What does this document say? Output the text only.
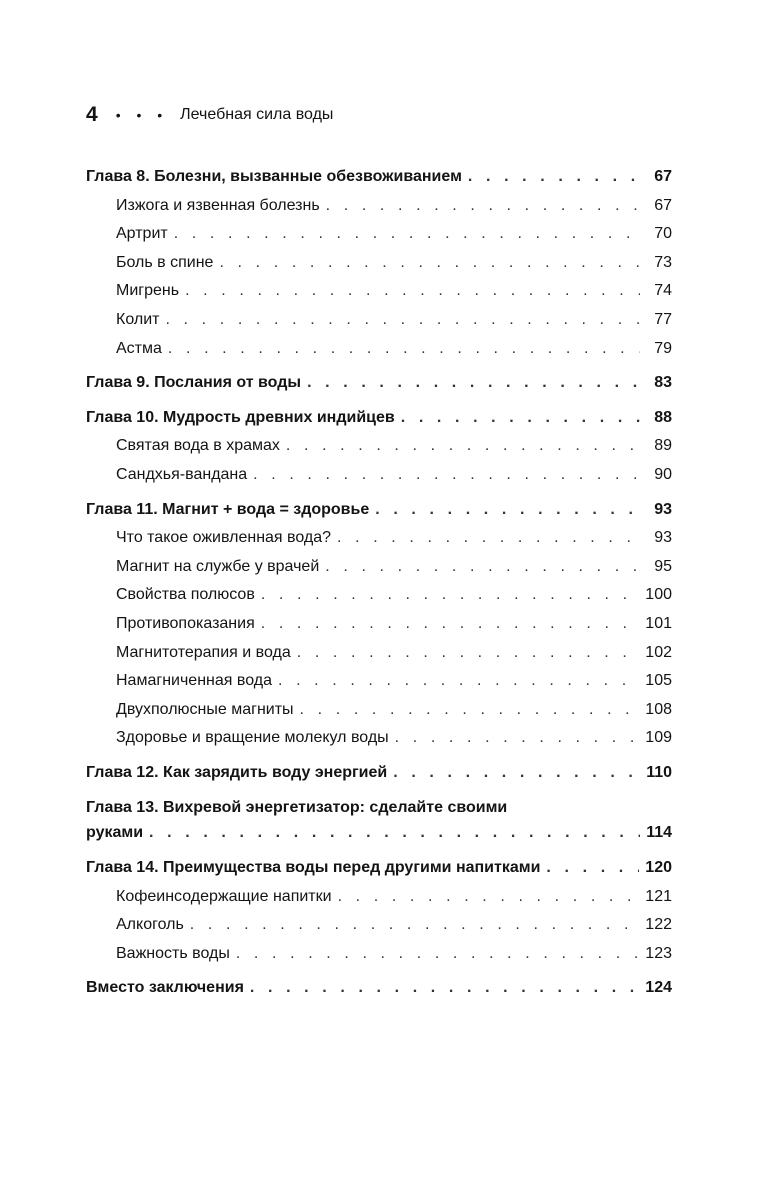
4 • • • Лечебная сила воды
Глава 8. Болезни, вызванные обезвоживанием . . .	67
Изжога и язвенная болезнь . . .	67
Артрит . . .	70
Боль в спине . . .	73
Мигрень . . .	74
Колит . . .	77
Астма . . .	79
Глава 9. Послания от воды . . .	83
Глава 10. Мудрость древних индийцев . . .	88
Святая вода в храмах . . .	89
Сандхья-вандана . . .	90
Глава 11. Магнит + вода = здоровье . . .	93
Что такое оживленная вода? . . .	93
Магнит на службе у врачей . . .	95
Свойства полюсов . . .	100
Противопоказания . . .	101
Магнитотерапия и вода . . .	102
Намагниченная вода . . .	105
Двухполюсные магниты . . .	108
Здоровье и вращение молекул воды . . .	109
Глава 12. Как зарядить воду энергией . . .	110
Глава 13. Вихревой энергетизатор: сделайте своими
руками . . .	114
Глава 14. Преимущества воды перед другими напитками . . .	120
Кофеинсодержащие напитки . . .	121
Алкоголь . . .	122
Важность воды . . .	123
Вместо заключения . . .	124
